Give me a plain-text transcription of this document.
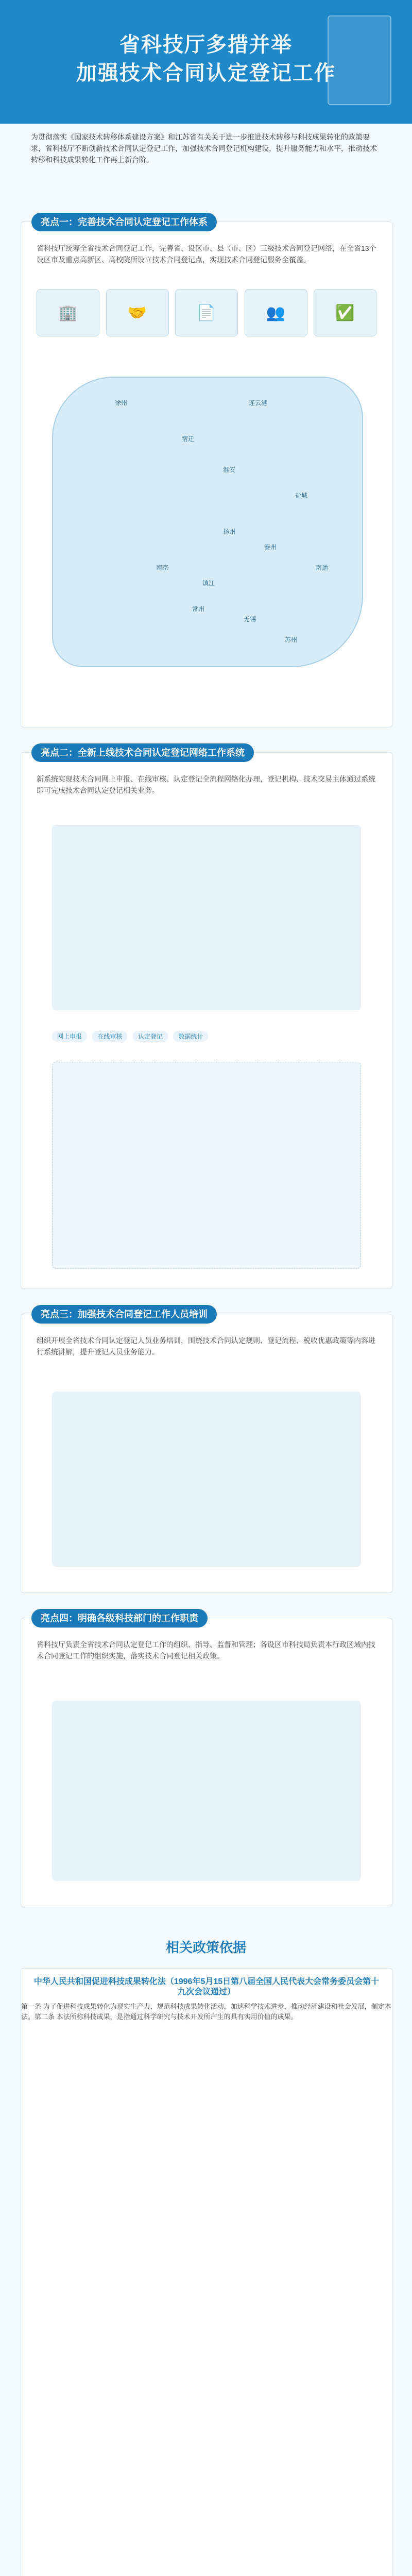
省科技厅多措并举
加强技术合同认定登记工作
为贯彻落实《国家技术转移体系建设方案》和江苏省有关关于进一步推进技术转移与科技成果转化的政策要求，省科技厅不断创新技术合同认定登记工作，加强技术合同登记机构建设，提升服务能力和水平，推动技术转移和科技成果转化工作再上新台阶。
亮点一：完善技术合同认定登记工作体系
省科技厅统筹全省技术合同登记工作，完善省、设区市、县（市、区）三级技术合同登记网络，在全省13个设区市及重点高新区、高校院所设立技术合同登记点，实现技术合同登记服务全覆盖。
🏢	🤝	📄	👥	✅
徐州	连云港
宿迁
淮安
盐城
扬州
泰州
南通
南京
镇江
常州
无锡
苏州
亮点二：全新上线技术合同认定登记网络工作系统
新系统实现技术合同网上申报、在线审核、认定登记全流程网络化办理，登记机构、技术交易主体通过系统即可完成技术合同认定登记相关业务。
网上申报	在线审核	认定登记	数据统计
亮点三：加强技术合同登记工作人员培训
组织开展全省技术合同认定登记人员业务培训，围绕技术合同认定规则、登记流程、税收优惠政策等内容进行系统讲解，提升登记人员业务能力。
亮点四：明确各级科技部门的工作职责
省科技厅负责全省技术合同认定登记工作的组织、指导、监督和管理；各设区市科技局负责本行政区域内技术合同登记工作的组织实施，落实技术合同登记相关政策。
相关政策依据
中华人民共和国促进科技成果转化法（1996年5月15日第八届全国人民代表大会常务委员会第十九次会议通过）
第一条 为了促进科技成果转化为现实生产力，规范科技成果转化活动，加速科学技术进步，推动经济建设和社会发展，制定本法。第二条 本法所称科技成果，是指通过科学研究与技术开发所产生的具有实用价值的成果。
